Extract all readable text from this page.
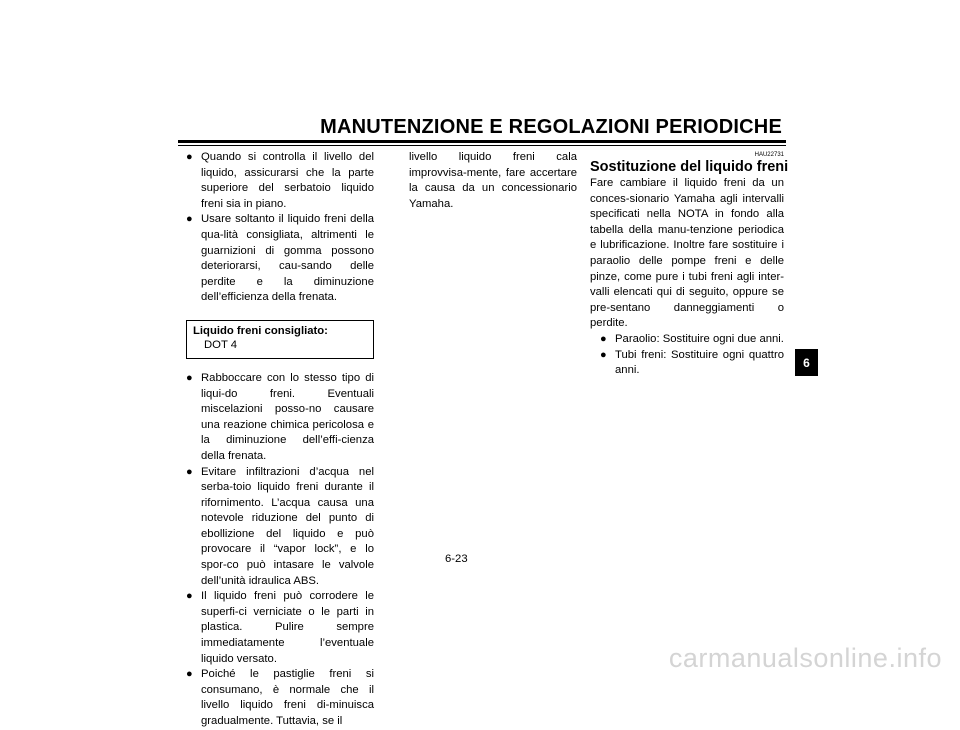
MANUTENZIONE E REGOLAZIONI PERIODICHE
● Quando si controlla il livello del liquido, assicurarsi che la parte superiore del serbatoio liquido freni sia in piano.
● Usare soltanto il liquido freni della qua-lità consigliata, altrimenti le guarnizioni di gomma possono deteriorarsi, cau-sando delle perdite e la diminuzione dell’efficienza della frenata.
Liquido freni consigliato:
DOT 4
● Rabboccare con lo stesso tipo di liqui-do freni. Eventuali miscelazioni posso-no causare una reazione chimica pericolosa e la diminuzione dell’effi-cienza della frenata.
● Evitare infiltrazioni d’acqua nel serba-toio liquido freni durante il rifornimento. L’acqua causa una notevole riduzione del punto di ebollizione del liquido e può provocare il “vapor lock”, e lo spor-co può intasare le valvole dell’unità idraulica ABS.
● Il liquido freni può corrodere le superfi-ci verniciate o le parti in plastica. Pulire sempre immediatamente l’eventuale liquido versato.
● Poiché le pastiglie freni si consumano, è normale che il livello liquido freni di-minuisca gradualmente. Tuttavia, se il

livello liquido freni cala improvvisa-mente, fare accertare la causa da un concessionario Yamaha.

HAU22731
Sostituzione del liquido freni

Fare cambiare il liquido freni da un conces-sionario Yamaha agli intervalli specificati nella NOTA in fondo alla tabella della manu-tenzione periodica e lubrificazione. Inoltre fare sostituire i paraolio delle pompe freni e delle pinze, come pure i tubi freni agli inter-valli elencati qui di seguito, oppure se pre-sentano danneggiamenti o perdite.

● Paraolio: Sostituire ogni due anni.
● Tubi freni: Sostituire ogni quattro anni.
6
6-23
carmanualsonline.info
